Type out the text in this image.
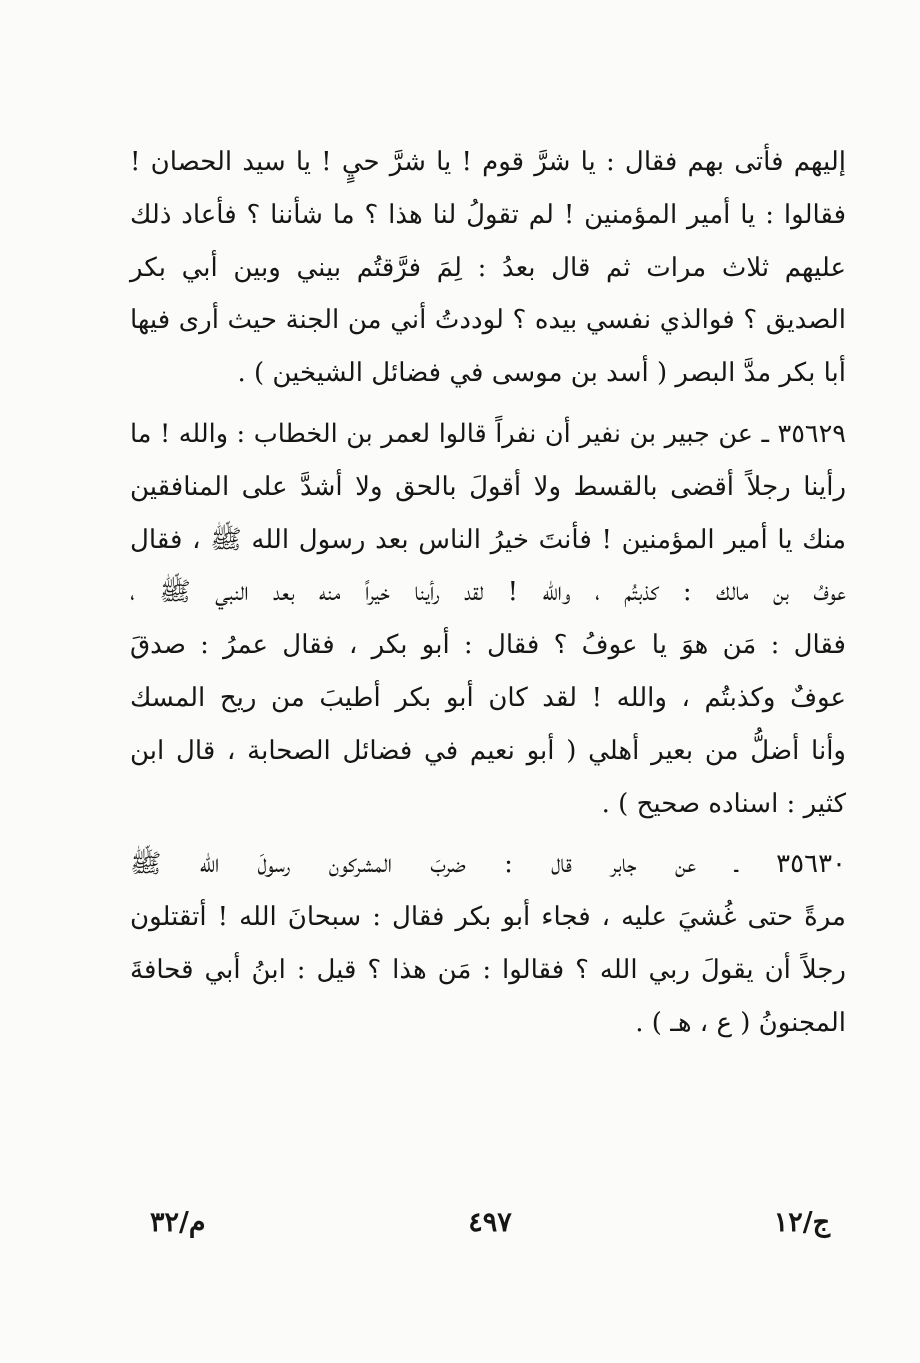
إليهم فأتى بهم فقال : يا شرَّ قوم ! يا شرَّ حيٍ ! يا سيد الحصان !
فقالوا : يا أمير المؤمنين ! لم تقولُ لنا هذا ؟ ما شأننا ؟ فأعاد ذلك
عليهم ثلاث مرات ثم قال بعدُ : لِمَ فرَّقتُم بيني وبين أبي بكر
الصديق ؟ فوالذي نفسي بيده ؟ لوددتُ أني من الجنة حيث أرى فيها
أبا بكر مدَّ البصر ( أسد بن موسى في فضائل الشيخين ) .
٣٥٦٢٩ ـ عن جبير بن نفير أن نفراً قالوا لعمر بن الخطاب : والله ! ما
رأينا رجلاً أقضى بالقسط ولا أقولَ بالحق ولا أشدَّ على المنافقين
منك يا أمير المؤمنين ! فأنتَ خيرُ الناس بعد رسول الله ﷺ ، فقال
عوفُ بن مالك : كذبتُم ، والله ! لقد رأينا خيراً منه بعد النبي ﷺ ،
فقال : مَن هوَ يا عوفُ ؟ فقال : أبو بكر ، فقال عمرُ : صدقَ
عوفٌ وكذبتُم ، والله ! لقد كان أبو بكر أطيبَ من ريح المسك
وأنا أضلُّ من بعير أهلي ( أبو نعيم في فضائل الصحابة ، قال ابن
كثير : اسناده صحيح ) .
٣٥٦٣٠ ـ عن جابر قال : ضربَ المشركون رسولَ الله ﷺ
مرةً حتى غُشيَ عليه ، فجاء أبو بكر فقال : سبحانَ الله ! أتقتلون
رجلاً أن يقولَ ربي الله ؟ فقالوا : مَن هذا ؟ قيل : ابنُ أبي قحافةَ
المجنونُ ( ع ، هـ ) .
م/٣٢	٤٩٧	ج/١٢
